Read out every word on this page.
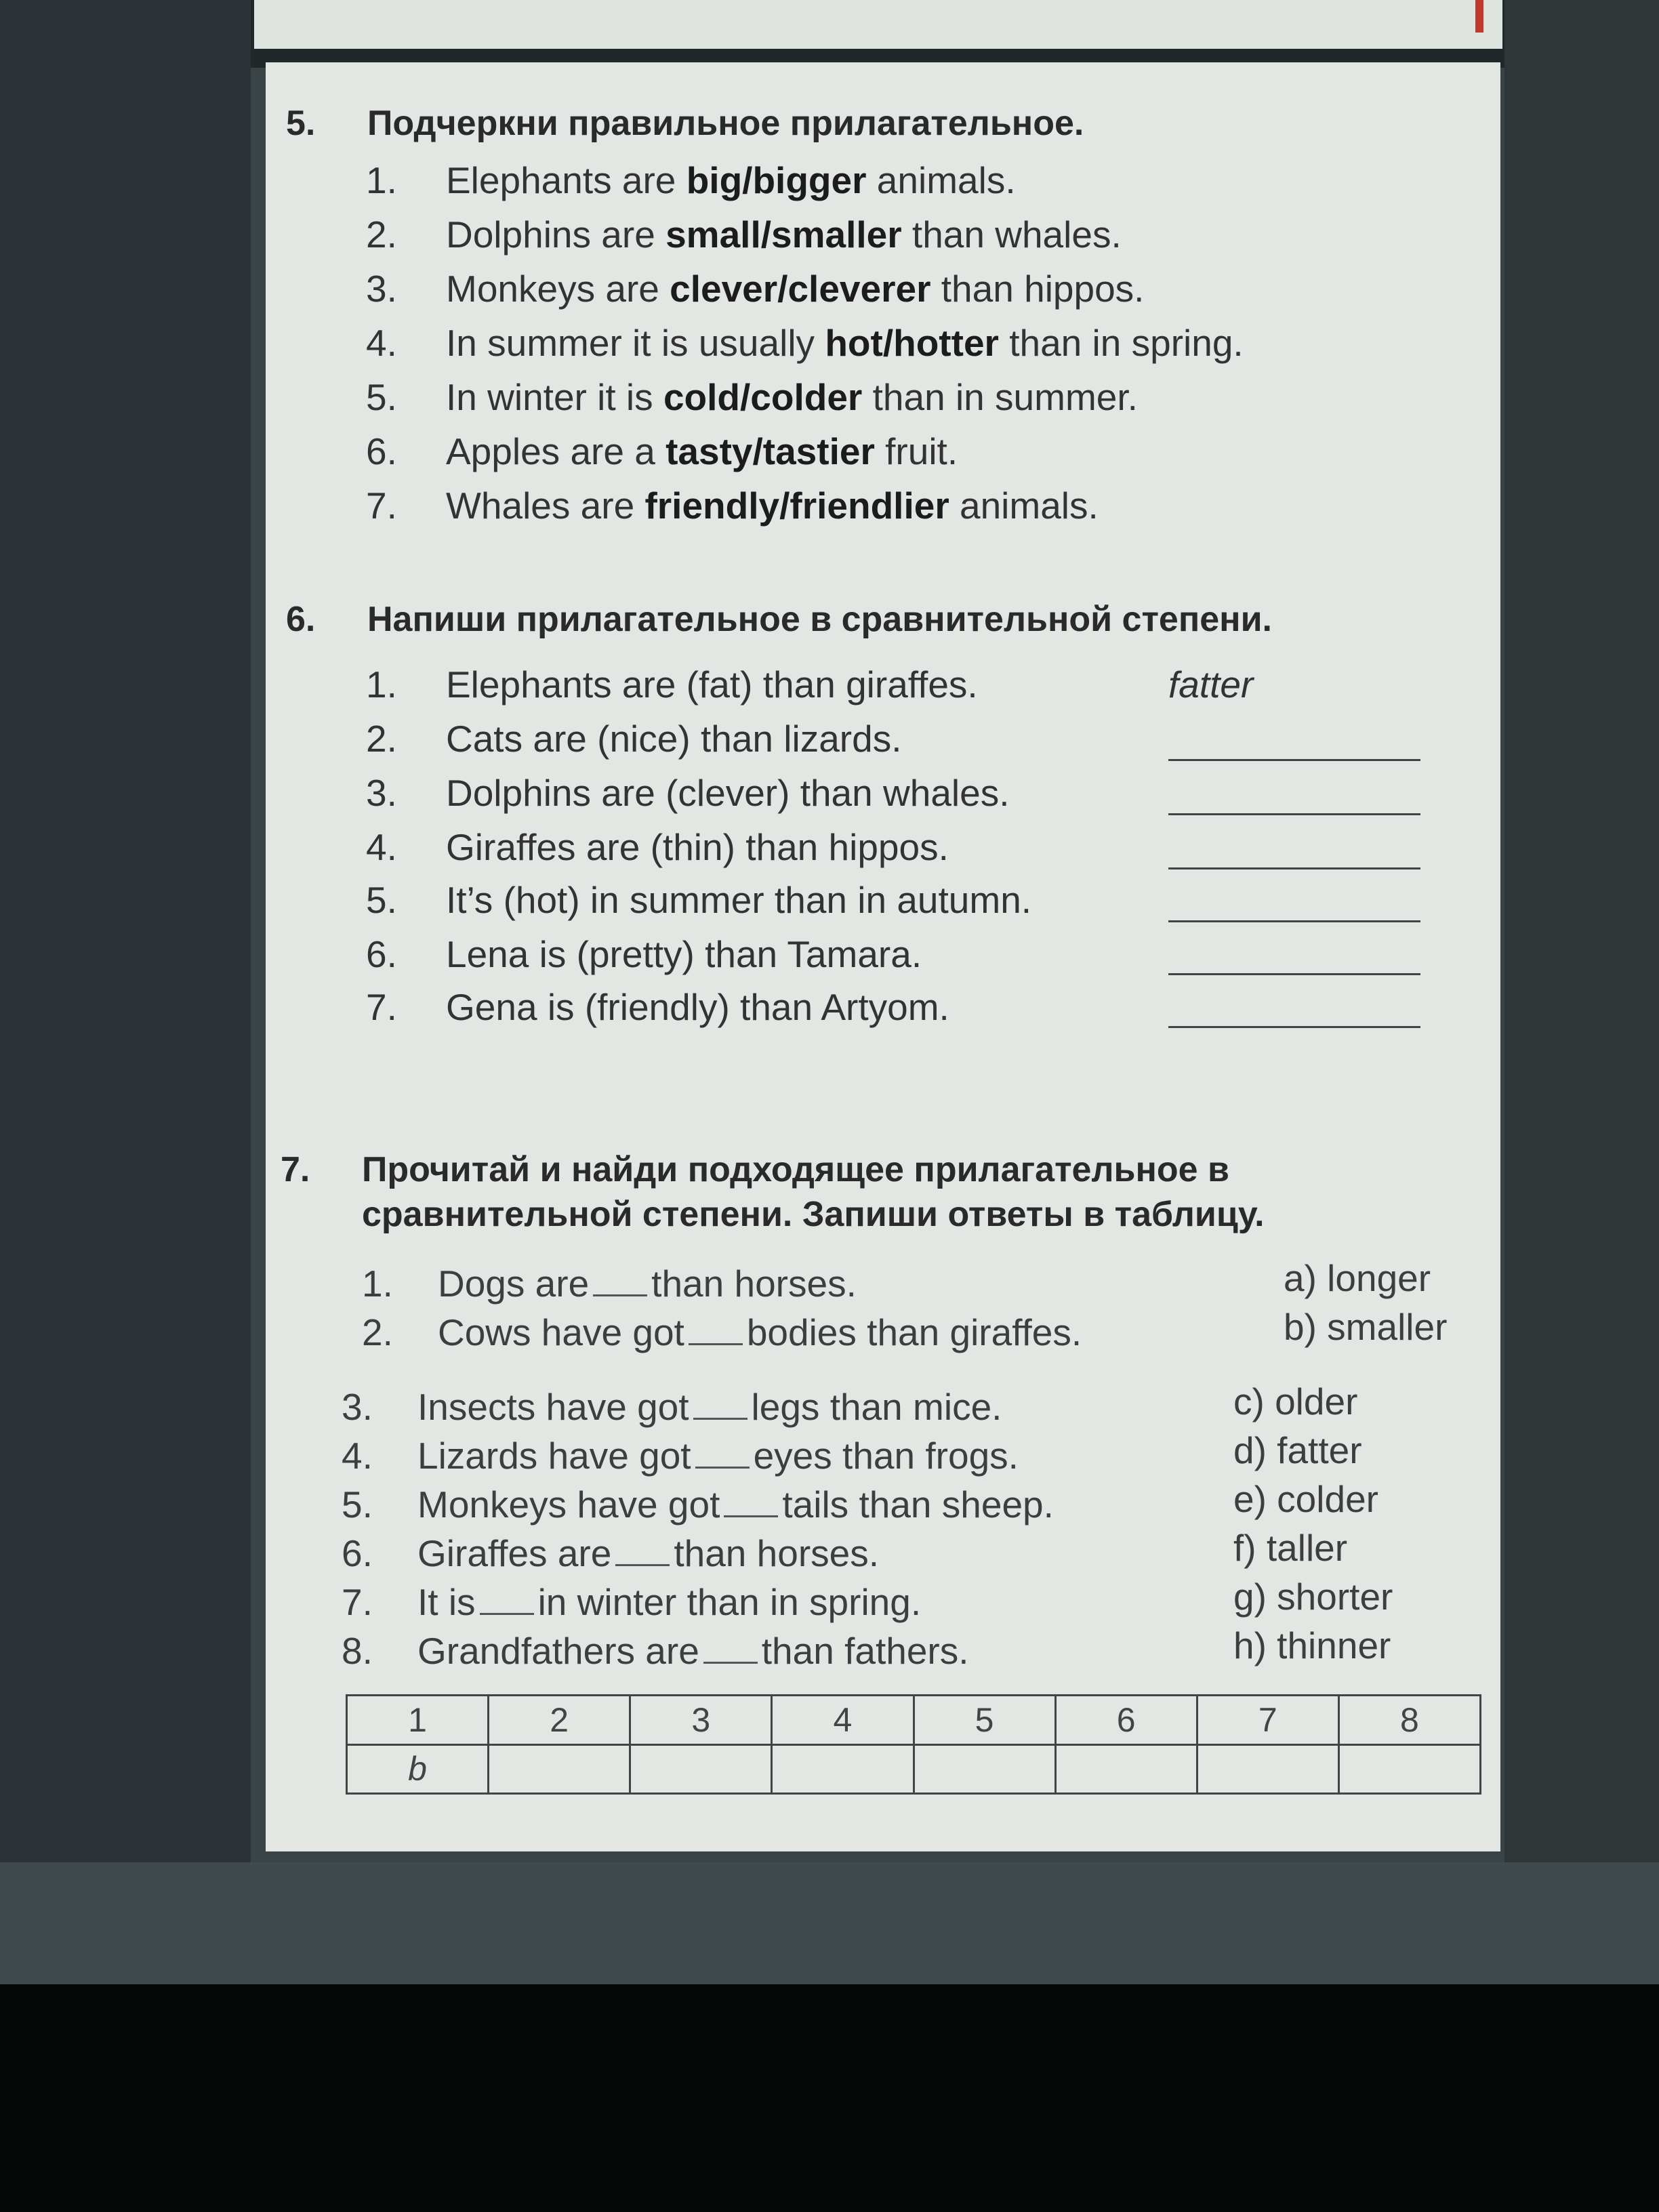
5. Подчеркни правильное прилагательное.
1. Elephants are big/bigger animals.
2. Dolphins are small/smaller than whales.
3. Monkeys are clever/cleverer than hippos.
4. In summer it is usually hot/hotter than in spring.
5. In winter it is cold/colder than in summer.
6. Apples are a tasty/tastier fruit.
7. Whales are friendly/friendlier animals.
6. Напиши прилагательное в сравнительной степени.
1. Elephants are (fat) than giraffes.	fatter
2. Cats are (nice) than lizards.
3. Dolphins are (clever) than whales.
4. Giraffes are (thin) than hippos.
5. It’s (hot) in summer than in autumn.
6. Lena is (pretty) than Tamara.
7. Gena is (friendly) than Artyom.
7. Прочитай и найди подходящее прилагательное в
сравнительной степени. Запиши ответы в таблицу.
1. Dogs are than horses.
2. Cows have got bodies than giraffes.
3. Insects have got legs than mice.
4. Lizards have got eyes than frogs.
5. Monkeys have got tails than sheep.
6. Giraffes are than horses.
7. It is in winter than in spring.
8. Grandfathers are than fathers.
a) longer
b) smaller
c) older
d) fatter
e) colder
f) taller
g) shorter
h) thinner
1	2	3	4	5	6	7	8
b							
